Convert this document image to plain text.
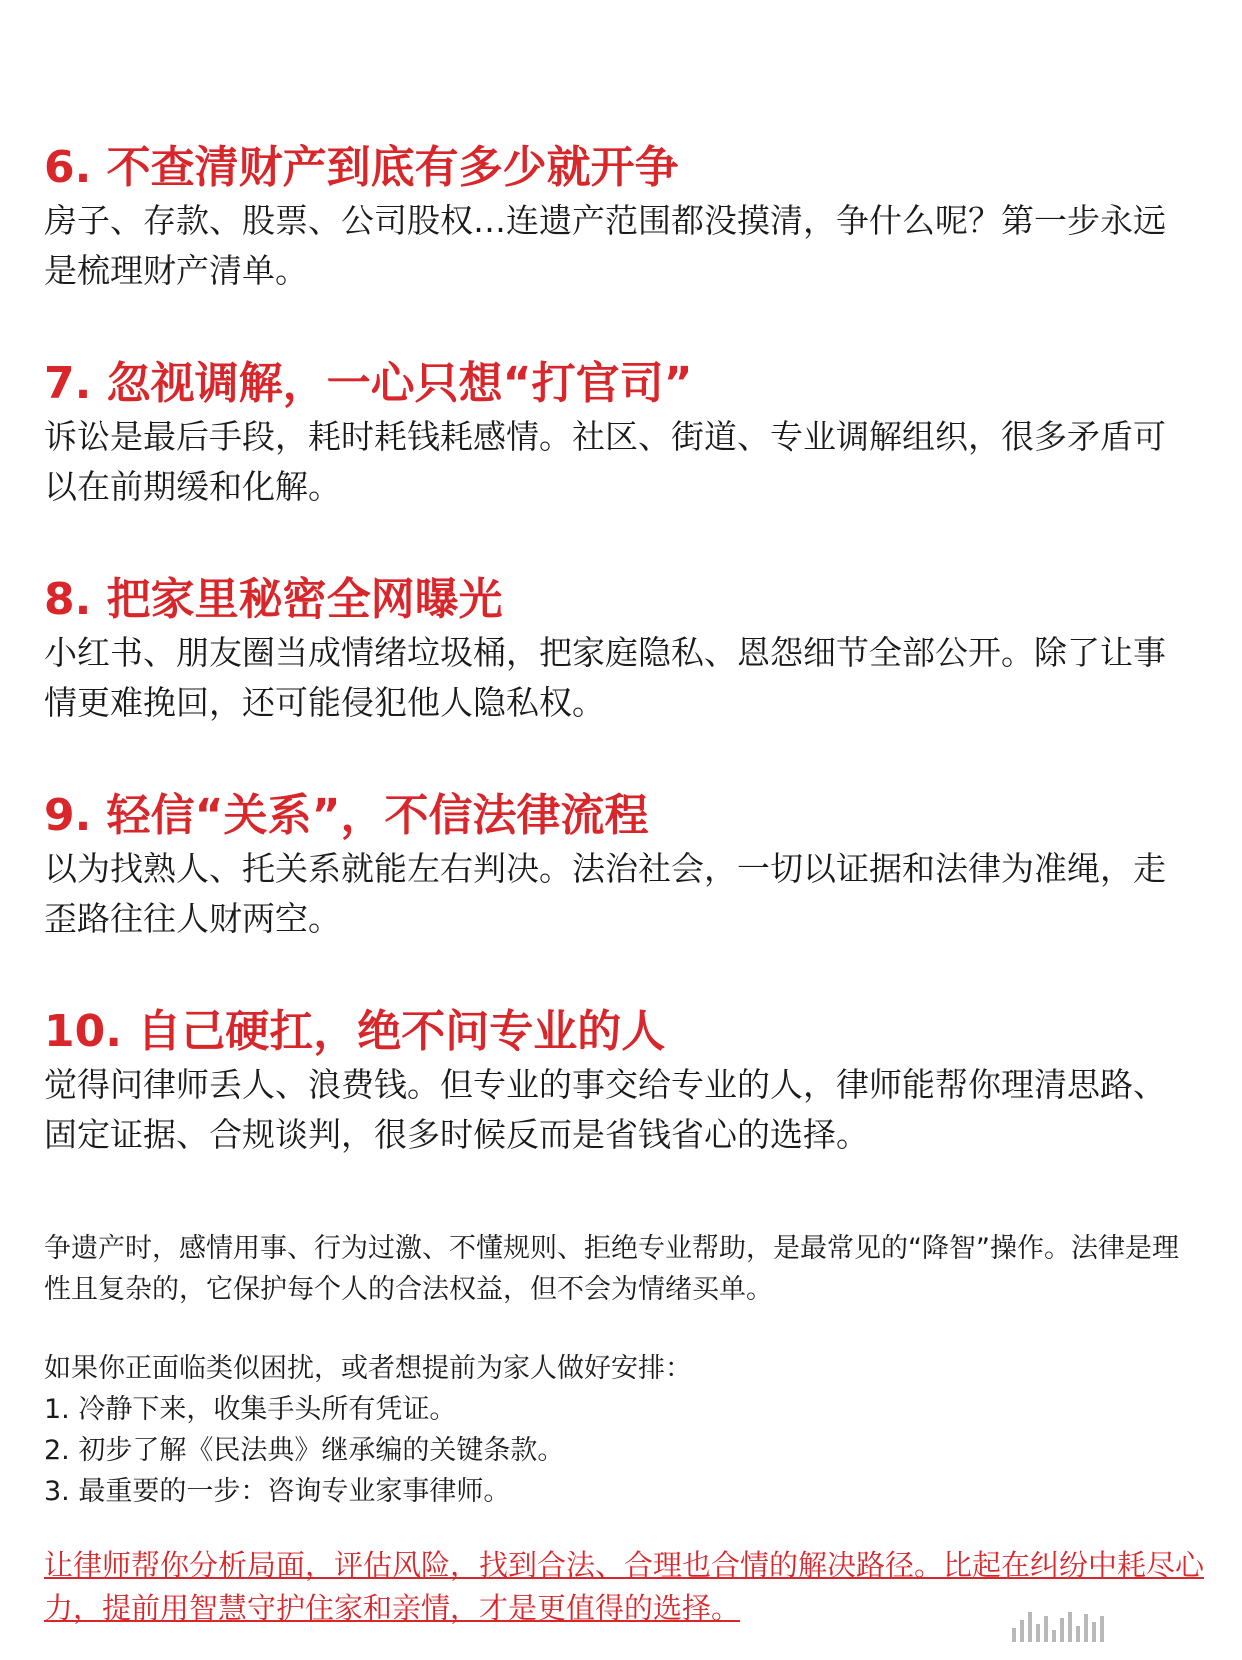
6. 不查清财产到底有多少就开争

房子、存款、股票、公司股权…连遗产范围都没摸清，争什么呢？第一步永远是梳理财产清单。

7. 忽视调解，一心只想“打官司”

诉讼是最后手段，耗时耗钱耗感情。社区、街道、专业调解组织，很多矛盾可以在前期缓和化解。

8. 把家里秘密全网曝光

小红书、朋友圈当成情绪垃圾桶，把家庭隐私、恩怨细节全部公开。除了让事情更难挽回，还可能侵犯他人隐私权。

9. 轻信“关系”，不信法律流程

以为找熟人、托关系就能左右判决。法治社会，一切以证据和法律为准绳，走歪路往往人财两空。

10. 自己硬扛，绝不问专业的人

觉得问律师丢人、浪费钱。但专业的事交给专业的人，律师能帮你理清思路、固定证据、合规谈判，很多时候反而是省钱省心的选择。

争遗产时，感情用事、行为过激、不懂规则、拒绝专业帮助，是最常见的“降智”操作。法律是理性且复杂的，它保护每个人的合法权益，但不会为情绪买单。

如果你正面临类似困扰，或者想提前为家人做好安排：

1. 冷静下来，收集手头所有凭证。

2. 初步了解《民法典》继承编的关键条款。

3. 最重要的一步：咨询专业家事律师。

让律师帮你分析局面，评估风险，找到合法、合理也合情的解决路径。比起在纠纷中耗尽心力，提前用智慧守护住家和亲情，才是更值得的选择。
